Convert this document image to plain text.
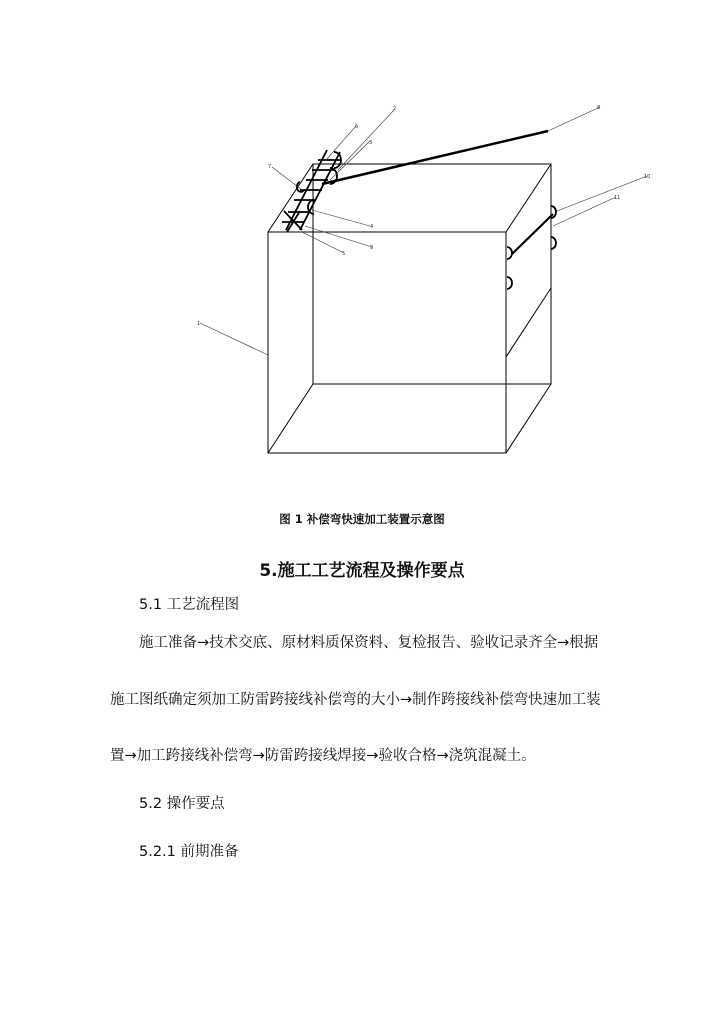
1
2
3
4
5
6
7
8
9
10
11
图 1 补偿弯快速加工装置示意图
5.施工工艺流程及操作要点
5.1 工艺流程图
施工准备→技术交底、原材料质保资料、复检报告、验收记录齐全→根据
施工图纸确定须加工防雷跨接线补偿弯的大小→制作跨接线补偿弯快速加工装
置→加工跨接线补偿弯→防雷跨接线焊接→验收合格→浇筑混凝土。
5.2 操作要点
5.2.1 前期准备
